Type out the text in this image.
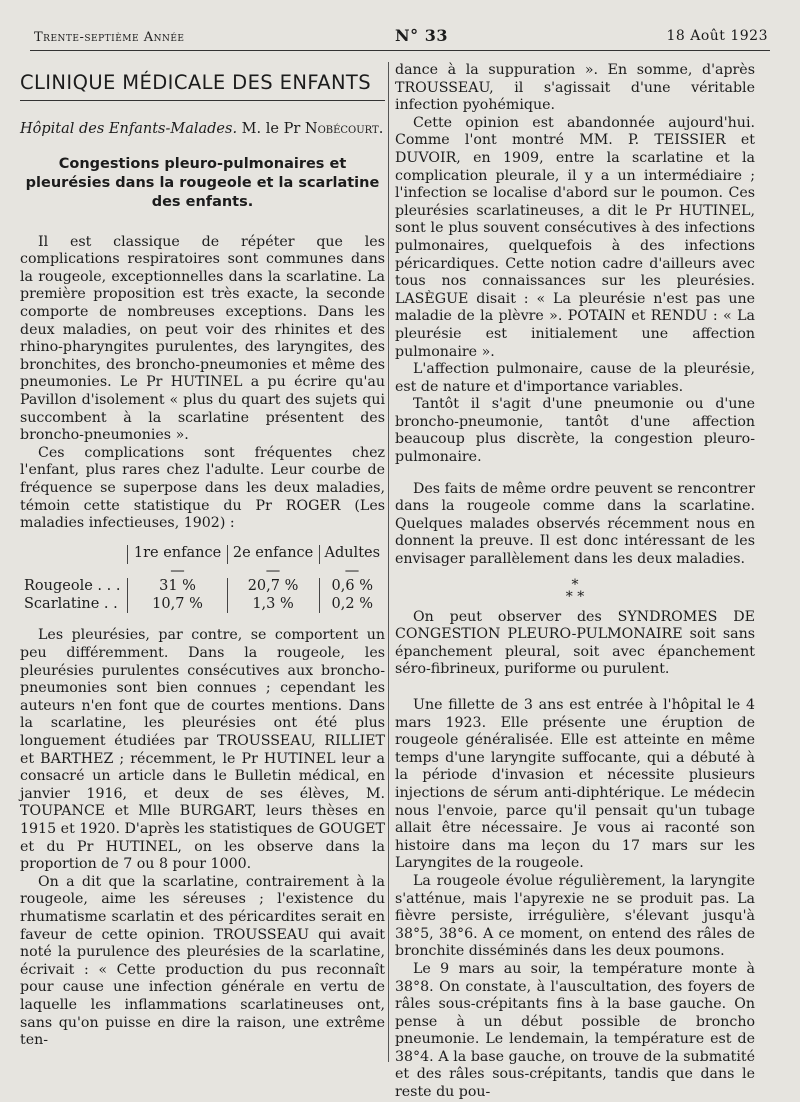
Trente-septième Année	N° 33	18 Août 1923
CLINIQUE MÉDICALE DES ENFANTS
Hôpital des Enfants-Malades. M. le Pr Nobécourt.
Congestions pleuro-pulmonaires et pleurésies dans la rougeole et la scarlatine des enfants.

Il est classique de répéter que les complications respiratoires sont communes dans la rougeole, exceptionnelles dans la scarlatine. La première proposition est très exacte, la seconde comporte de nombreuses exceptions. Dans les deux maladies, on peut voir des rhinites et des rhino-pharyngites purulentes, des laryngites, des bronchites, des broncho-pneumonies et même des pneumonies. Le Pr HUTINEL a pu écrire qu'au Pavillon d'isolement « plus du quart des sujets qui succombent à la scarlatine présentent des broncho-pneumonies ».

Ces complications sont fréquentes chez l'enfant, plus rares chez l'adulte. Leur courbe de fréquence se superpose dans les deux maladies, témoin cette statistique du Pr ROGER (Les maladies infectieuses, 1902) :

	1re enfance	2e enfance	Adultes
	—	—	—
Rougeole . . .	31 %	20,7 %	0,6 %
Scarlatine . .	10,7 %	1,3 %	0,2 %

Les pleurésies, par contre, se comportent un peu différemment. Dans la rougeole, les pleurésies purulentes consécutives aux broncho-pneumonies sont bien connues ; cependant les auteurs n'en font que de courtes mentions. Dans la scarlatine, les pleurésies ont été plus longuement étudiées par TROUSSEAU, RILLIET et BARTHEZ ; récemment, le Pr HUTINEL leur a consacré un article dans le Bulletin médical, en janvier 1916, et deux de ses élèves, M. TOUPANCE et Mlle BURGART, leurs thèses en 1915 et 1920. D'après les statistiques de GOUGET et du Pr HUTINEL, on les observe dans la proportion de 7 ou 8 pour 1000.

On a dit que la scarlatine, contrairement à la rougeole, aime les séreuses ; l'existence du rhumatisme scarlatin et des péricardites serait en faveur de cette opinion. TROUSSEAU qui avait noté la purulence des pleurésies de la scarlatine, écrivait : « Cette production du pus reconnaît pour cause une infection générale en vertu de laquelle les inflammations scarlatineuses ont, sans qu'on puisse en dire la raison, une extrême ten-

dance à la suppuration ». En somme, d'après TROUSSEAU, il s'agissait d'une véritable infection pyohémique.

Cette opinion est abandonnée aujourd'hui. Comme l'ont montré MM. P. TEISSIER et DUVOIR, en 1909, entre la scarlatine et la complication pleurale, il y a un intermédiaire ; l'infection se localise d'abord sur le poumon. Ces pleurésies scarlatineuses, a dit le Pr HUTINEL, sont le plus souvent consécutives à des infections pulmonaires, quelquefois à des infections péricardiques. Cette notion cadre d'ailleurs avec tous nos connaissances sur les pleurésies. LASÈGUE disait : « La pleurésie n'est pas une maladie de la plèvre ». POTAIN et RENDU : « La pleurésie est initialement une affection pulmonaire ».

L'affection pulmonaire, cause de la pleurésie, est de nature et d'importance variables.

Tantôt il s'agit d'une pneumonie ou d'une broncho-pneumonie, tantôt d'une affection beaucoup plus discrète, la congestion pleuro-pulmonaire.

Des faits de même ordre peuvent se rencontrer dans la rougeole comme dans la scarlatine. Quelques malades observés récemment nous en donnent la preuve. Il est donc intéressant de les envisager parallèlement dans les deux maladies.

*
* *

On peut observer des SYNDROMES DE CONGESTION PLEURO-PULMONAIRE soit sans épanchement pleural, soit avec épanchement séro-fibrineux, puriforme ou purulent.

Une fillette de 3 ans est entrée à l'hôpital le 4 mars 1923. Elle présente une éruption de rougeole généralisée. Elle est atteinte en même temps d'une laryngite suffocante, qui a débuté à la période d'invasion et nécessite plusieurs injections de sérum anti-diphtérique. Le médecin nous l'envoie, parce qu'il pensait qu'un tubage allait être nécessaire. Je vous ai raconté son histoire dans ma leçon du 17 mars sur les Laryngites de la rougeole.

La rougeole évolue régulièrement, la laryngite s'atténue, mais l'apyrexie ne se produit pas. La fièvre persiste, irrégulière, s'élevant jusqu'à 38°5, 38°6. A ce moment, on entend des râles de bronchite disséminés dans les deux poumons.

Le 9 mars au soir, la température monte à 38°8. On constate, à l'auscultation, des foyers de râles sous-crépitants fins à la base gauche. On pense à un début possible de broncho pneumonie. Le lendemain, la température est de 38°4. A la base gauche, on trouve de la submatité et des râles sous-crépitants, tandis que dans le reste du pou-
